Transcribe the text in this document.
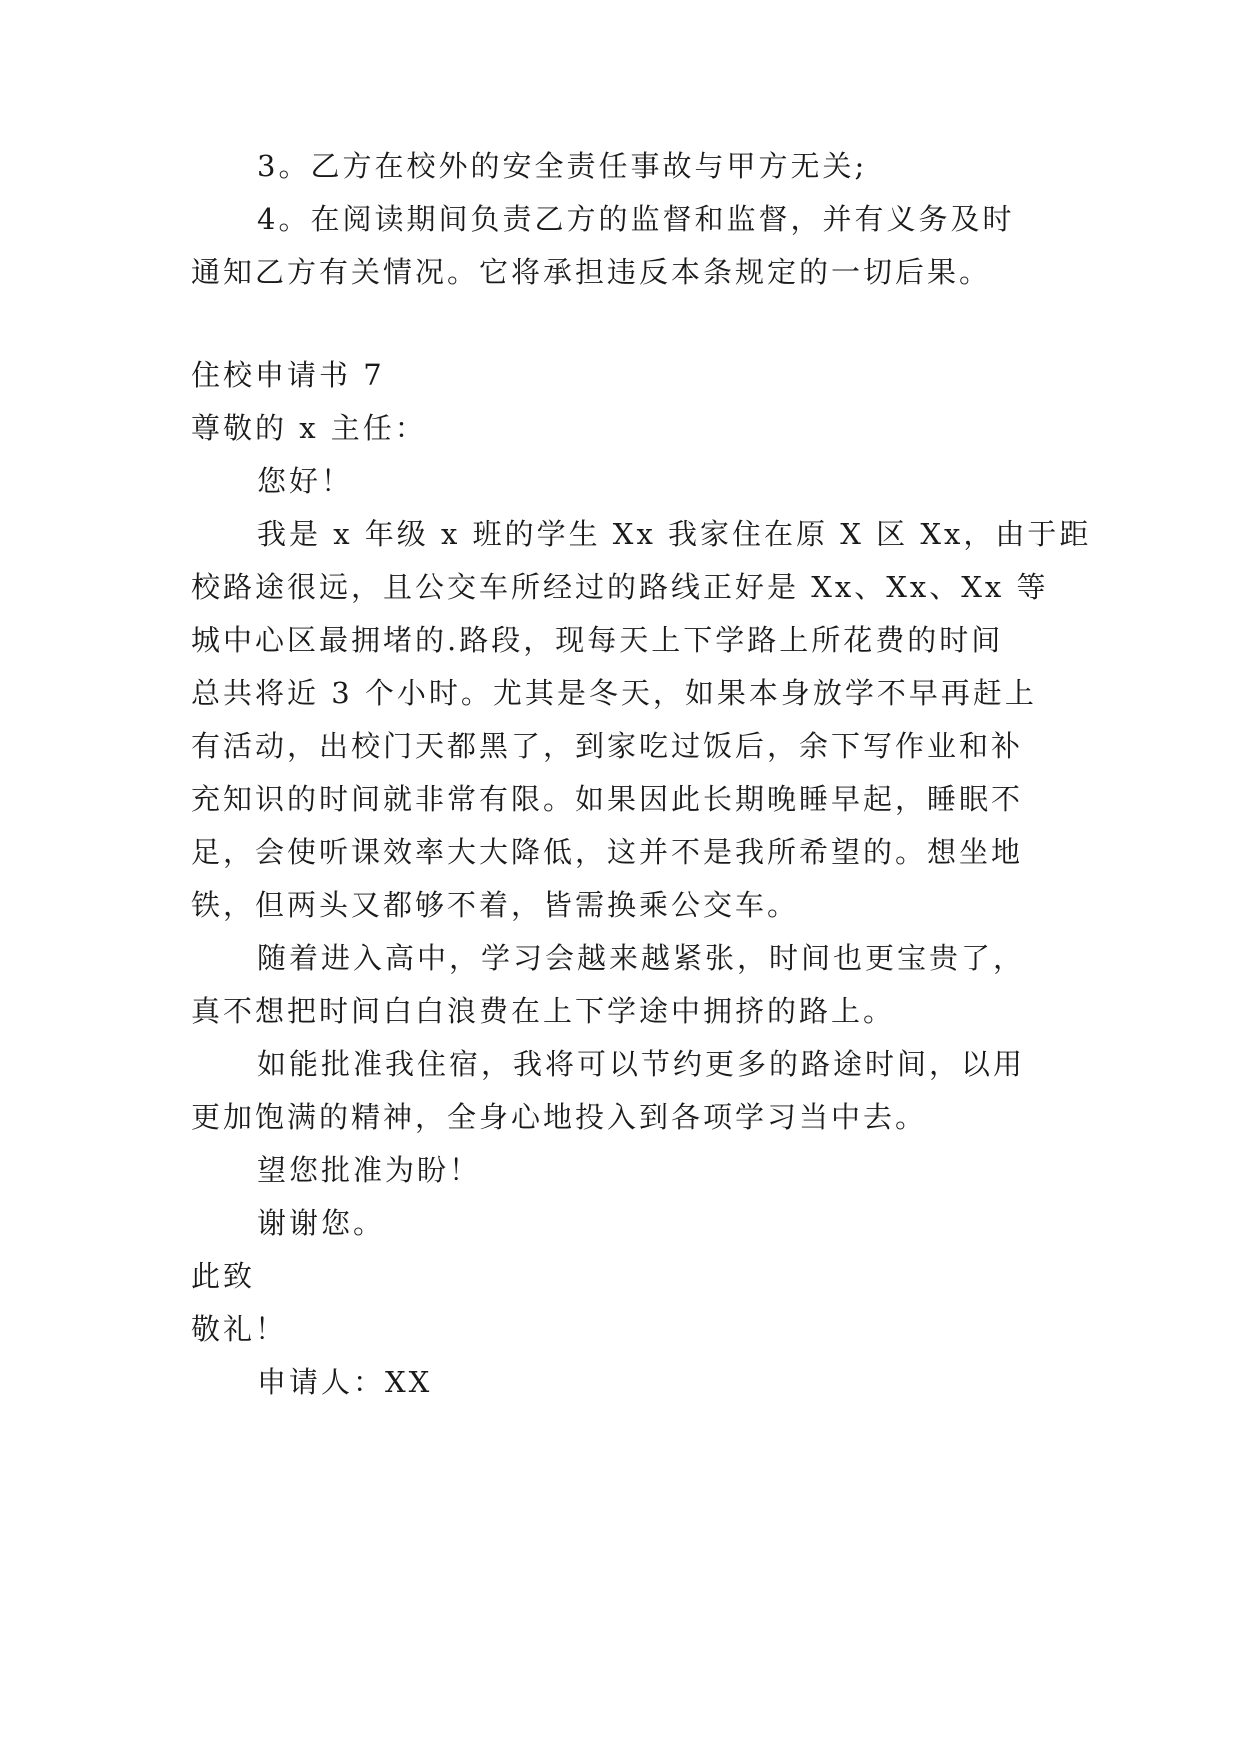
3。乙方在校外的安全责任事故与甲方无关;
4。在阅读期间负责乙方的监督和监督，并有义务及时
通知乙方有关情况。它将承担违反本条规定的一切后果。
住校申请书 7
尊敬的 x 主任：
您好！
我是 x 年级 x 班的学生 Xx 我家住在原 X 区 Xx，由于距
校路途很远，且公交车所经过的路线正好是 Xx、Xx、Xx 等
城中心区最拥堵的.路段，现每天上下学路上所花费的时间
总共将近 3 个小时。尤其是冬天，如果本身放学不早再赶上
有活动，出校门天都黑了，到家吃过饭后，余下写作业和补
充知识的时间就非常有限。如果因此长期晚睡早起，睡眠不
足，会使听课效率大大降低，这并不是我所希望的。想坐地
铁，但两头又都够不着，皆需换乘公交车。
随着进入高中，学习会越来越紧张，时间也更宝贵了，
真不想把时间白白浪费在上下学途中拥挤的路上。
如能批准我住宿，我将可以节约更多的路途时间，以用
更加饱满的精神，全身心地投入到各项学习当中去。
望您批准为盼！
谢谢您。
此致
敬礼！
申请人：XX
